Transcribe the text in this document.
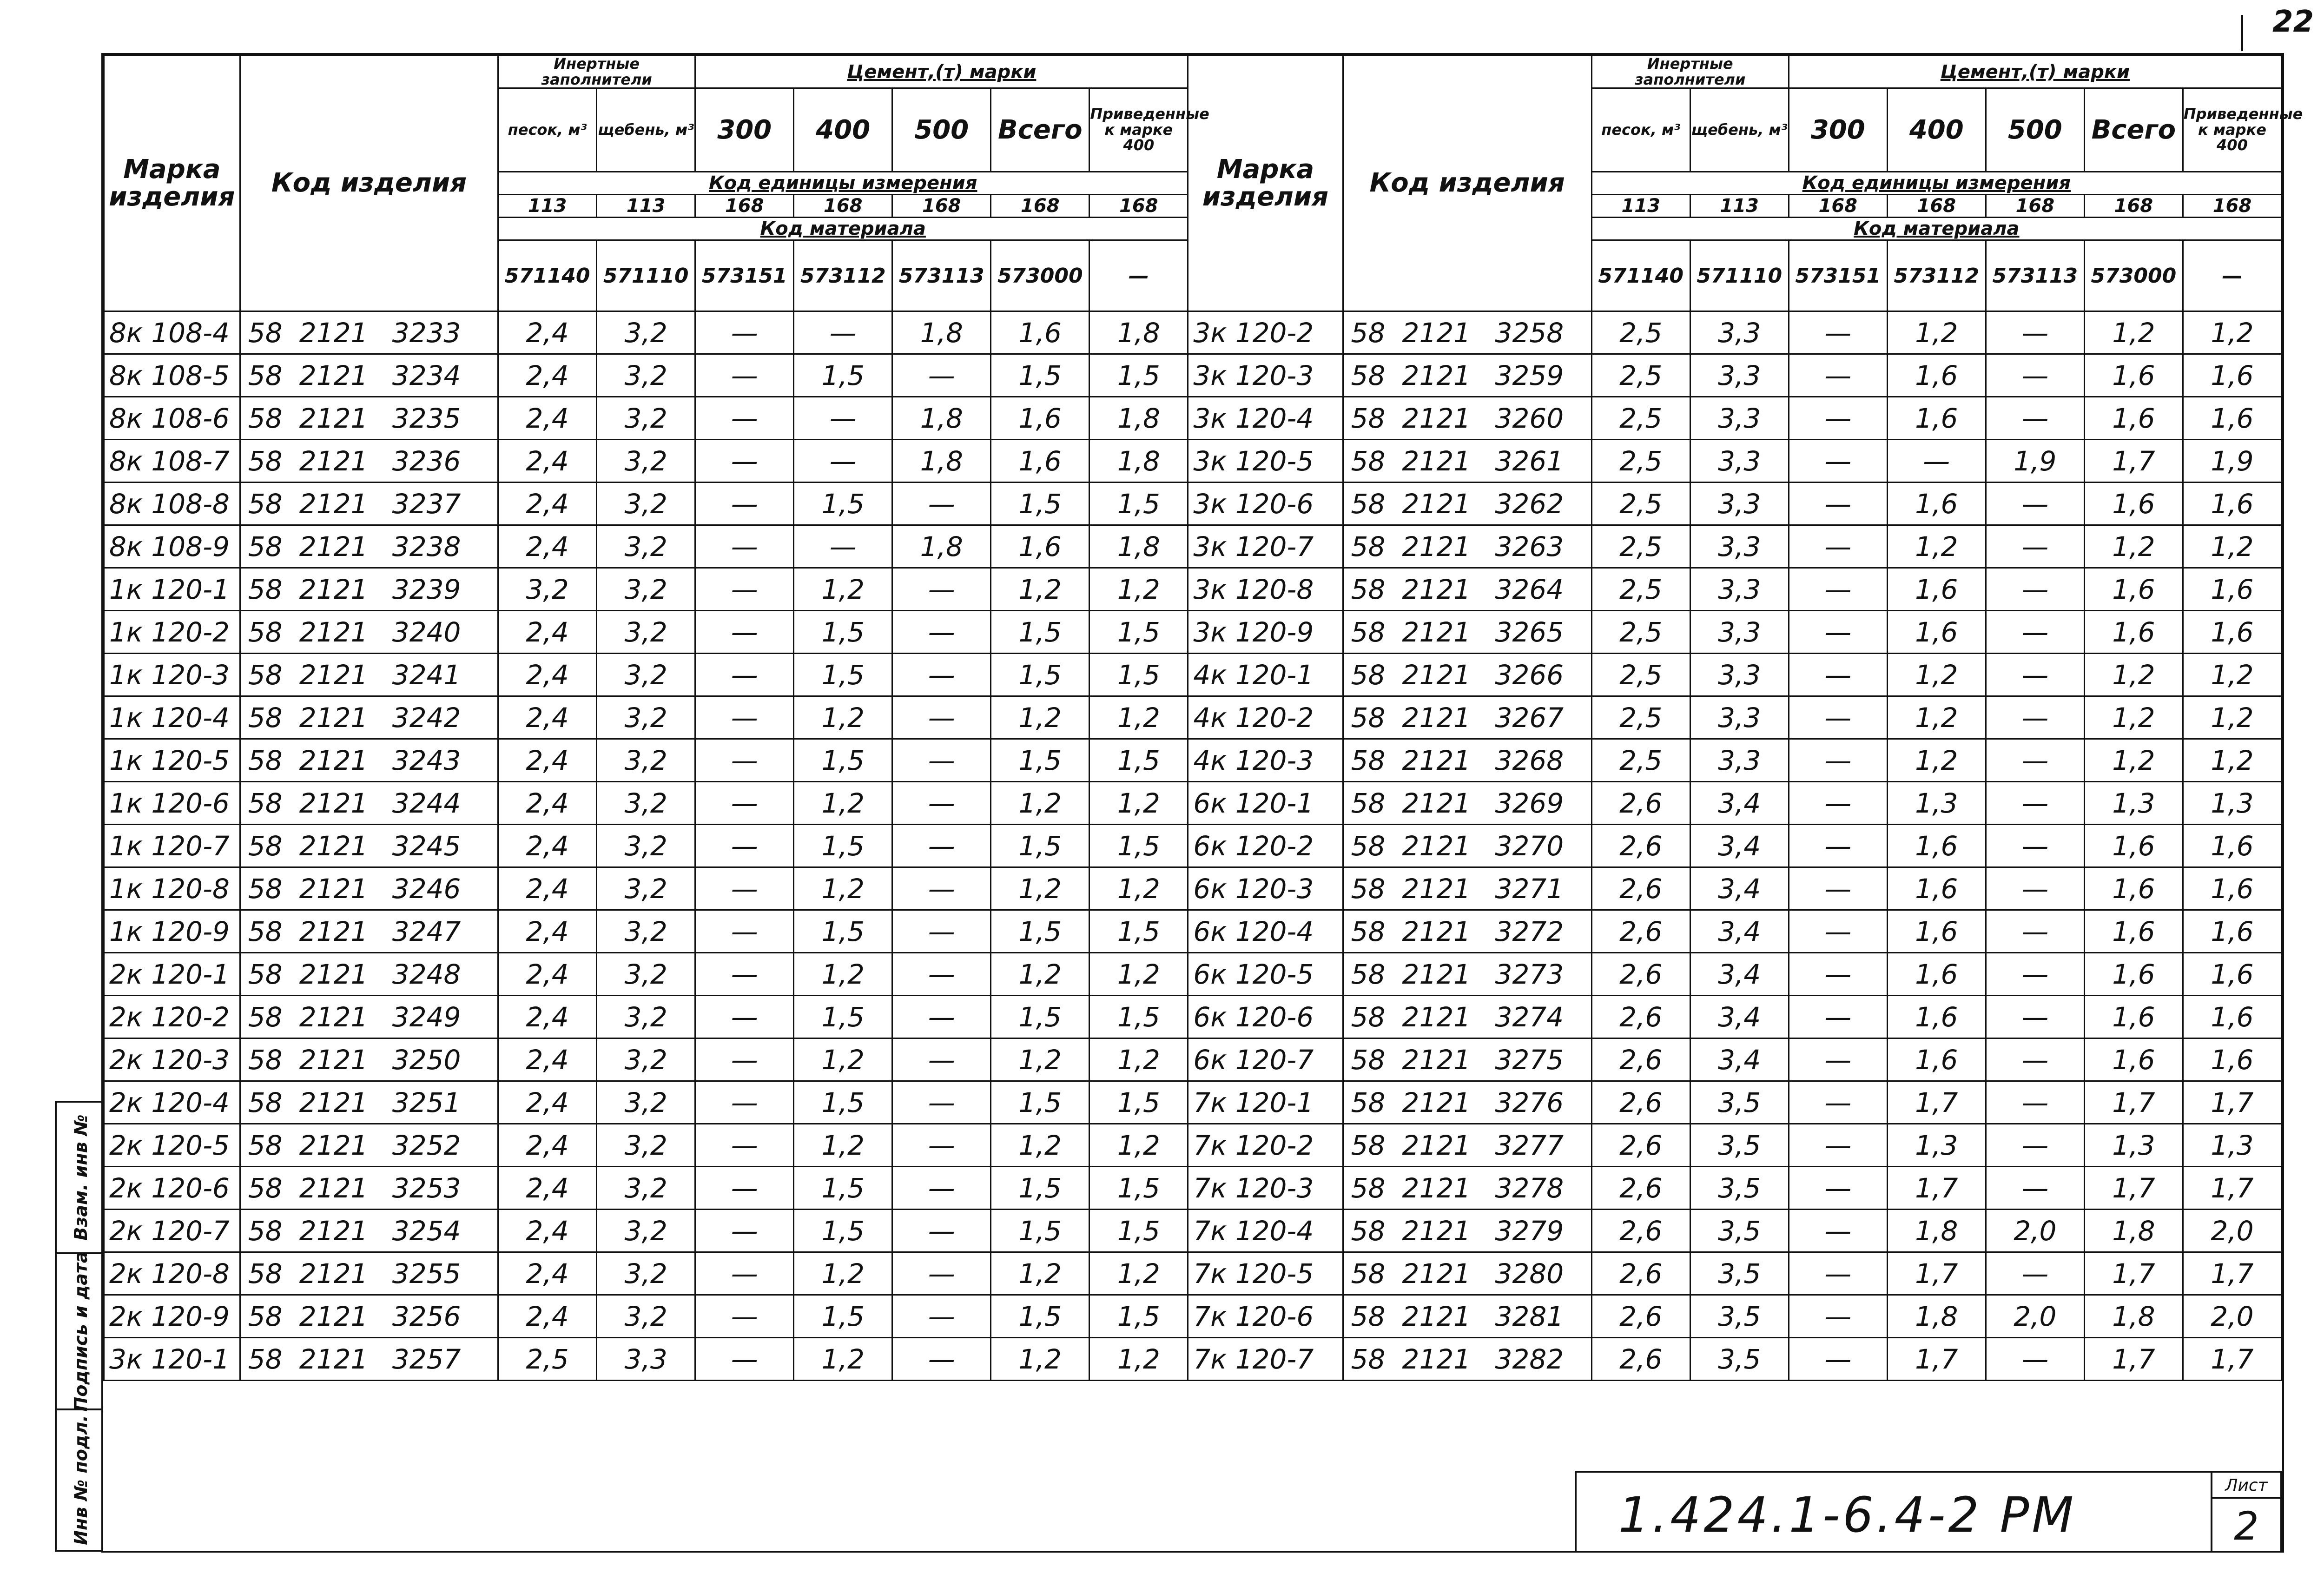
22
Марка изделия	Код изделия	Инертные заполнители		Цемент,(т) марки					Марка изделия	Код изделия	Инертные заполнители		Цемент,(т) марки				
		песок, м³	щебень, м³	300	400	500	Всего	Приведенные к марке 400			песок, м³	щебень, м³	300	400	500	Всего	Приведенные к марке 400
		Код единицы измерения									Код единицы измерения						
		113	113	168	168	168	168	168			113	113	168	168	168	168	168
		Код материала									Код материала						
		571140	571110	573151	573112	573113	573000	—			571140	571110	573151	573112	573113	573000	—
8к 108-4	58 2121 3233	2,4	3,2	—	—	1,8	1,6	1,8	3к 120-2	58 2121 3258	2,5	3,3	—	1,2	—	1,2	1,2
8к 108-5	58 2121 3234	2,4	3,2	—	1,5	—	1,5	1,5	3к 120-3	58 2121 3259	2,5	3,3	—	1,6	—	1,6	1,6
8к 108-6	58 2121 3235	2,4	3,2	—	—	1,8	1,6	1,8	3к 120-4	58 2121 3260	2,5	3,3	—	1,6	—	1,6	1,6
8к 108-7	58 2121 3236	2,4	3,2	—	—	1,8	1,6	1,8	3к 120-5	58 2121 3261	2,5	3,3	—	—	1,9	1,7	1,9
8к 108-8	58 2121 3237	2,4	3,2	—	1,5	—	1,5	1,5	3к 120-6	58 2121 3262	2,5	3,3	—	1,6	—	1,6	1,6
8к 108-9	58 2121 3238	2,4	3,2	—	—	1,8	1,6	1,8	3к 120-7	58 2121 3263	2,5	3,3	—	1,2	—	1,2	1,2
1к 120-1	58 2121 3239	3,2	3,2	—	1,2	—	1,2	1,2	3к 120-8	58 2121 3264	2,5	3,3	—	1,6	—	1,6	1,6
1к 120-2	58 2121 3240	2,4	3,2	—	1,5	—	1,5	1,5	3к 120-9	58 2121 3265	2,5	3,3	—	1,6	—	1,6	1,6
1к 120-3	58 2121 3241	2,4	3,2	—	1,5	—	1,5	1,5	4к 120-1	58 2121 3266	2,5	3,3	—	1,2	—	1,2	1,2
1к 120-4	58 2121 3242	2,4	3,2	—	1,2	—	1,2	1,2	4к 120-2	58 2121 3267	2,5	3,3	—	1,2	—	1,2	1,2
1к 120-5	58 2121 3243	2,4	3,2	—	1,5	—	1,5	1,5	4к 120-3	58 2121 3268	2,5	3,3	—	1,2	—	1,2	1,2
1к 120-6	58 2121 3244	2,4	3,2	—	1,2	—	1,2	1,2	6к 120-1	58 2121 3269	2,6	3,4	—	1,3	—	1,3	1,3
1к 120-7	58 2121 3245	2,4	3,2	—	1,5	—	1,5	1,5	6к 120-2	58 2121 3270	2,6	3,4	—	1,6	—	1,6	1,6
1к 120-8	58 2121 3246	2,4	3,2	—	1,2	—	1,2	1,2	6к 120-3	58 2121 3271	2,6	3,4	—	1,6	—	1,6	1,6
1к 120-9	58 2121 3247	2,4	3,2	—	1,5	—	1,5	1,5	6к 120-4	58 2121 3272	2,6	3,4	—	1,6	—	1,6	1,6
2к 120-1	58 2121 3248	2,4	3,2	—	1,2	—	1,2	1,2	6к 120-5	58 2121 3273	2,6	3,4	—	1,6	—	1,6	1,6
2к 120-2	58 2121 3249	2,4	3,2	—	1,5	—	1,5	1,5	6к 120-6	58 2121 3274	2,6	3,4	—	1,6	—	1,6	1,6
2к 120-3	58 2121 3250	2,4	3,2	—	1,2	—	1,2	1,2	6к 120-7	58 2121 3275	2,6	3,4	—	1,6	—	1,6	1,6
2к 120-4	58 2121 3251	2,4	3,2	—	1,5	—	1,5	1,5	7к 120-1	58 2121 3276	2,6	3,5	—	1,7	—	1,7	1,7
2к 120-5	58 2121 3252	2,4	3,2	—	1,2	—	1,2	1,2	7к 120-2	58 2121 3277	2,6	3,5	—	1,3	—	1,3	1,3
2к 120-6	58 2121 3253	2,4	3,2	—	1,5	—	1,5	1,5	7к 120-3	58 2121 3278	2,6	3,5	—	1,7	—	1,7	1,7
2к 120-7	58 2121 3254	2,4	3,2	—	1,5	—	1,5	1,5	7к 120-4	58 2121 3279	2,6	3,5	—	1,8	2,0	1,8	2,0
2к 120-8	58 2121 3255	2,4	3,2	—	1,2	—	1,2	1,2	7к 120-5	58 2121 3280	2,6	3,5	—	1,7	—	1,7	1,7
2к 120-9	58 2121 3256	2,4	3,2	—	1,5	—	1,5	1,5	7к 120-6	58 2121 3281	2,6	3,5	—	1,8	2,0	1,8	2,0
3к 120-1	58 2121 3257	2,5	3,3	—	1,2	—	1,2	1,2	7к 120-7	58 2121 3282	2,6	3,5	—	1,7	—	1,7	1,7
Взам. инв №
Подпись и дата
Инв № подл.	1.424.1-6.4-2 РМ
Лист
2
